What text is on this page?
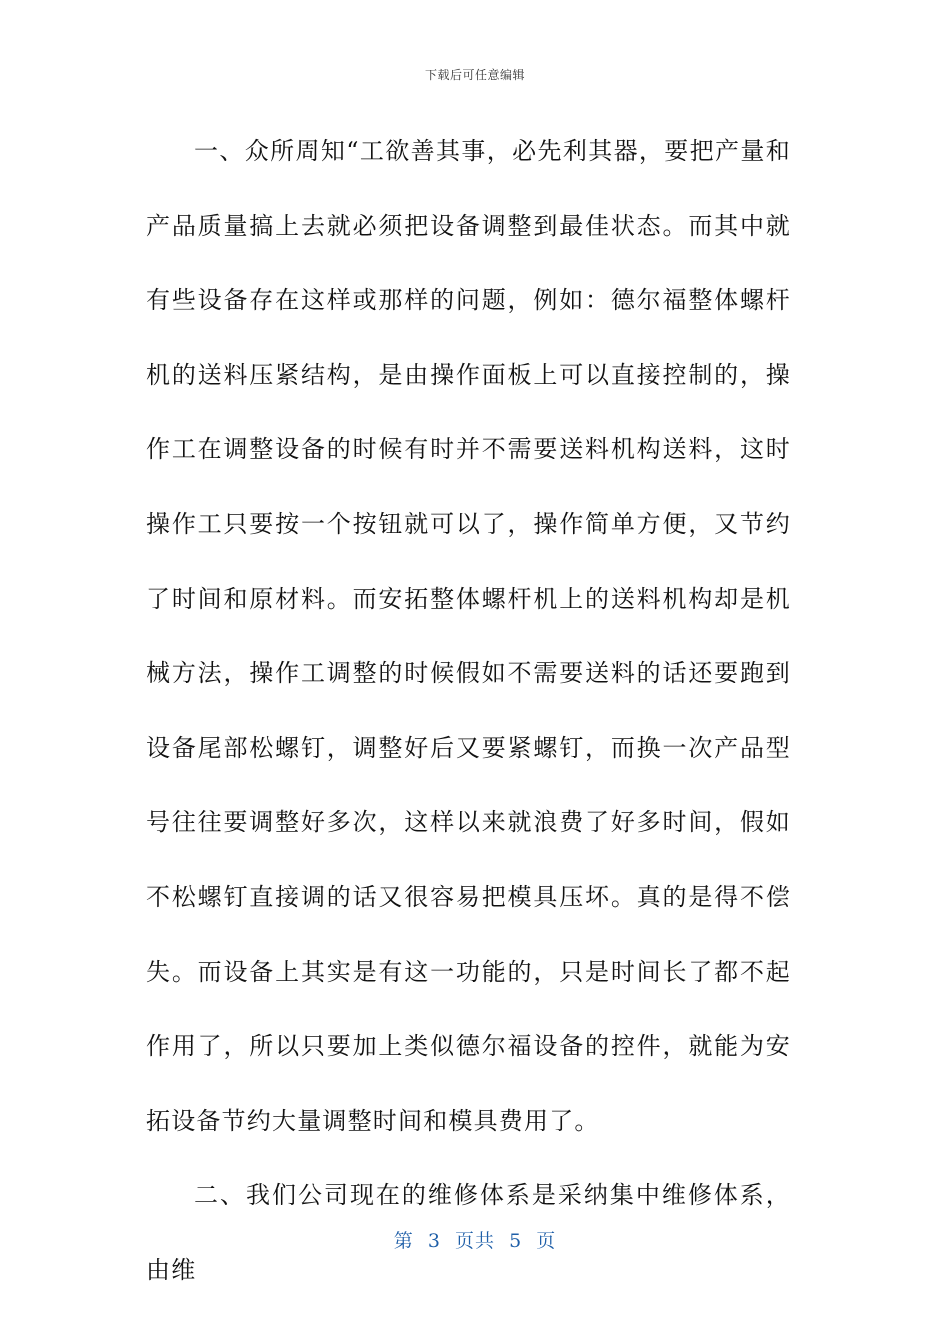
下载后可任意编辑

一、众所周知“工欲善其事，必先利其器，要把产量和产品质量搞上去就必须把设备调整到最佳状态。而其中就有些设备存在这样或那样的问题，例如：德尔福整体螺杆机的送料压紧结构，是由操作面板上可以直接控制的，操作工在调整设备的时候有时并不需要送料机构送料，这时操作工只要按一个按钮就可以了，操作简单方便，又节约了时间和原材料。而安拓整体螺杆机上的送料机构却是机械方法，操作工调整的时候假如不需要送料的话还要跑到设备尾部松螺钉，调整好后又要紧螺钉，而换一次产品型号往往要调整好多次，这样以来就浪费了好多时间，假如不松螺钉直接调的话又很容易把模具压坏。真的是得不偿失。而设备上其实是有这一功能的，只是时间长了都不起作用了，所以只要加上类似德尔福设备的控件，就能为安拓设备节约大量调整时间和模具费用了。

二、我们公司现在的维修体系是采纳集中维修体系，由维

第  3  页共  5  页
